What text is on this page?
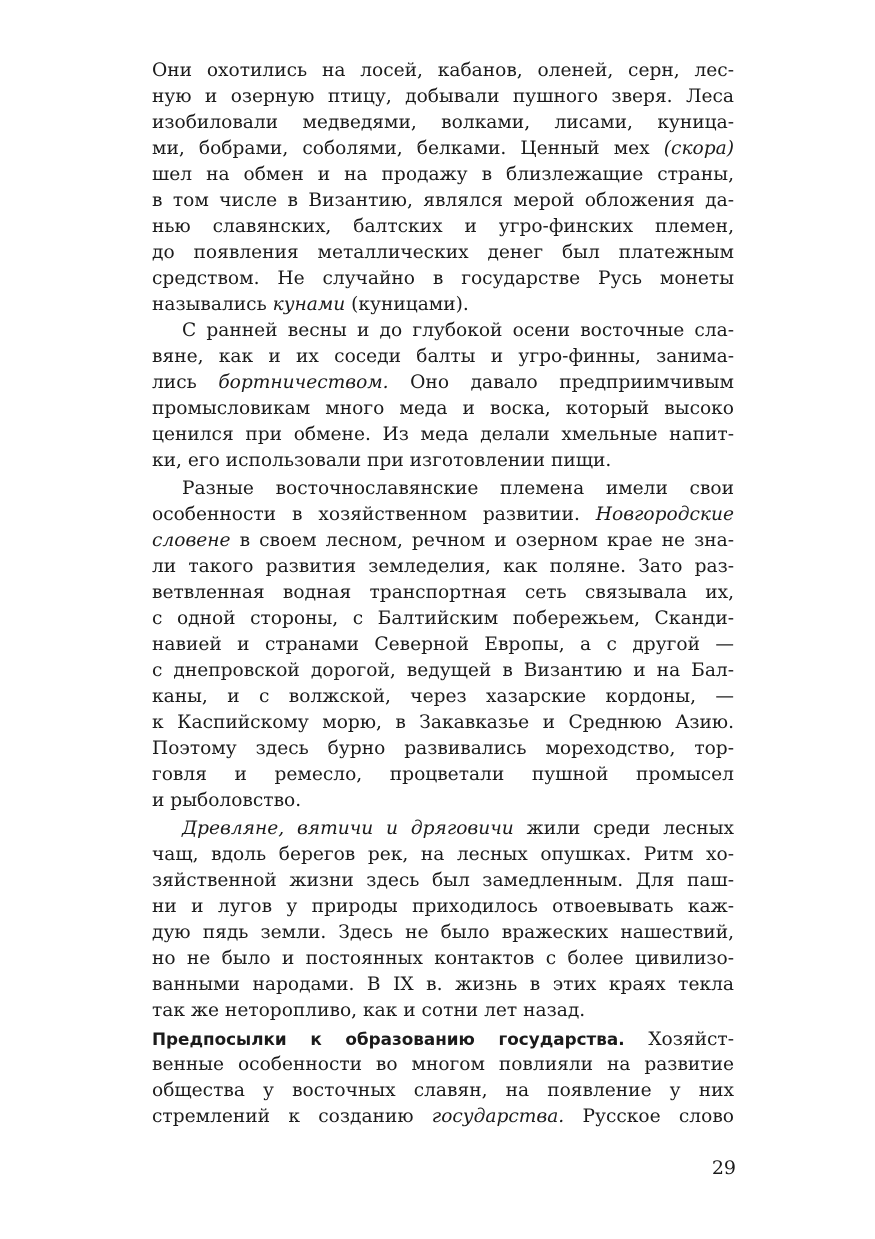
Они охотились на лосей, кабанов, оленей, серн, лес-
ную и озерную птицу, добывали пушного зверя. Леса
изобиловали медведями, волками, лисами, куница-
ми, бобрами, соболями, белками. Ценный мех (скора)
шел на обмен и на продажу в близлежащие страны,
в том числе в Византию, являлся мерой обложения да-
нью славянских, балтских и угро-финских племен,
до появления металлических денег был платежным
средством. Не случайно в государстве Русь монеты
назывались кунами (куницами).
С ранней весны и до глубокой осени восточные сла-
вяне, как и их соседи балты и угро-финны, занима-
лись бортничеством. Оно давало предприимчивым
промысловикам много меда и воска, который высоко
ценился при обмене. Из меда делали хмельные напит-
ки, его использовали при изготовлении пищи.
Разные восточнославянские племена имели свои
особенности в хозяйственном развитии. Новгородские
словене в своем лесном, речном и озерном крае не зна-
ли такого развития земледелия, как поляне. Зато раз-
ветвленная водная транспортная сеть связывала их,
с одной стороны, с Балтийским побережьем, Сканди-
навией и странами Северной Европы, а с другой —
с днепровской дорогой, ведущей в Византию и на Бал-
каны, и с волжской, через хазарские кордоны, —
к Каспийскому морю, в Закавказье и Среднюю Азию.
Поэтому здесь бурно развивались мореходство, тор-
говля и ремесло, процветали пушной промысел
и рыболовство.
Древляне, вятичи и дряговичи жили среди лесных
чащ, вдоль берегов рек, на лесных опушках. Ритм хо-
зяйственной жизни здесь был замедленным. Для паш-
ни и лугов у природы приходилось отвоевывать каж-
дую пядь земли. Здесь не было вражеских нашествий,
но не было и постоянных контактов с более цивилизо-
ванными народами. В IX в. жизнь в этих краях текла
так же неторопливо, как и сотни лет назад.
Предпосылки к образованию государства. Хозяйст-
венные особенности во многом повлияли на развитие
общества у восточных славян, на появление у них
стремлений к созданию государства. Русское слово
29
